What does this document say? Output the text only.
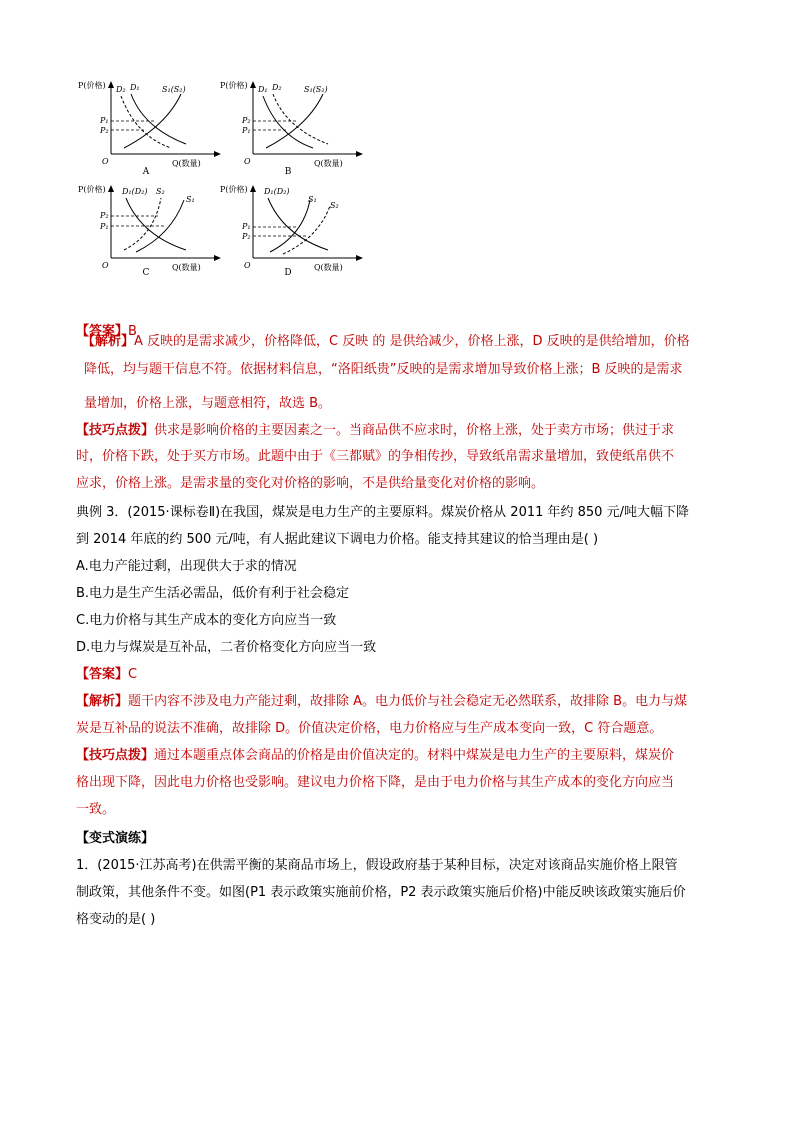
P(价格)
Q(数量)
O
D₂ D₁	S₁(S₂)
P₁
P₂
A
P(价格)
Q(数量)
O
D₁ D₂	S₁(S₂)
P₂
P₁
B
P(价格)
Q(数量)
O
D₁(D₂) S₂
S₁
P₂
P₁
C
P(价格)
Q(数量)
O
D₁(D₂)
S₁
S₂
P₁
P₂
D
【答案】B
【解析】A 反映的是需求减少，价格降低，C 反映 的 是供给减少，价格上涨，D 反映的是供给增加，价格
降低，均与题干信息不符。依据材料信息，“洛阳纸贵”反映的是需求增加导致价格上涨；B 反映的是需求
量增加，价格上涨，与题意相符，故选 B。
【技巧点拨】供求是影响价格的主要因素之一。当商品供不应求时，价格上涨，处于卖方市场；供过于求
时，价格下跌，处于买方市场。此题中由于《三都赋》的争相传抄，导致纸帛需求量增加，致使纸帛供不
应求，价格上涨。是需求量的变化对价格的影响，不是供给量变化对价格的影响。
典例 3．(2015·课标卷Ⅱ)在我国，煤炭是电力生产的主要原料。煤炭价格从 2011 年约 850 元/吨大幅下降
到 2014 年底的约 500 元/吨，有人据此建议下调电力价格。能支持其建议的恰当理由是( )
A.电力产能过剩，出现供大于求的情况
B.电力是生产生活必需品，低价有利于社会稳定
C.电力价格与其生产成本的变化方向应当一致
D.电力与煤炭是互补品，二者价格变化方向应当一致
【答案】C
【解析】题干内容不涉及电力产能过剩，故排除 A。电力低价与社会稳定无必然联系，故排除 B。电力与煤
炭是互补品的说法不准确，故排除 D。价值决定价格，电力价格应与生产成本变向一致，C 符合题意。
【技巧点拨】通过本题重点体会商品的价格是由价值决定的。材料中煤炭是电力生产的主要原料，煤炭价
格出现下降，因此电力价格也受影响。建议电力价格下降，是由于电力价格与其生产成本的变化方向应当
一致。
【变式演练】
1．(2015·江苏高考)在供需平衡的某商品市场上，假设政府基于某种目标，决定对该商品实施价格上限管
制政策，其他条件不变。如图(P1 表示政策实施前价格，P2 表示政策实施后价格)中能反映该政策实施后价
格变动的是( )
